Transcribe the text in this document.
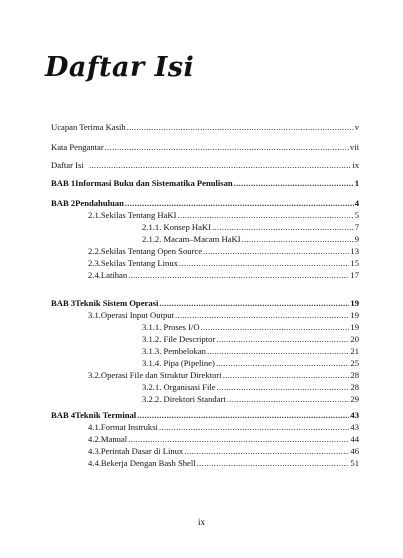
Daftar Isi
Ucapan Terima Kasih .....	v
Kata Pengantar .....	vii
Daftar Isi .....	ix
BAB 1 Informasi Buku dan Sistematika Penulisan .....	1
BAB 2 Pendahuluan .....	4
2.1. Sekilas Tentang HaKI .....	5
2.1.1. Konsep HaKI .....	7
2.1.2. Macam–Macam HaKI .....	9
2.2. Sekilas Tentang Open Source .....	13
2.3. Sekilas Tentang Linux .....	15
2.4. Latihan .....	17
BAB 3 Teknik Sistem Operasi .....	19
3.1. Operasi Input Output .....	19
3.1.1. Proses I/O .....	19
3.1.2. File Descriptor .....	20
3.1.3. Pembelokan .....	21
3.1.4. Pipa (Pipeline) .....	25
3.2. Operasi File dan Struktur Direktori .....	28
3.2.1. Organisasi File .....	28
3.2.2. Direktori Standart .....	29
BAB 4 Teknik Terminal .....	43
4.1. Format Instruksi .....	43
4.2. Manual .....	44
4.3. Perintah Dasar di Linux .....	46
4.4. Bekerja Dengan Bash Shell .....	51
ix
